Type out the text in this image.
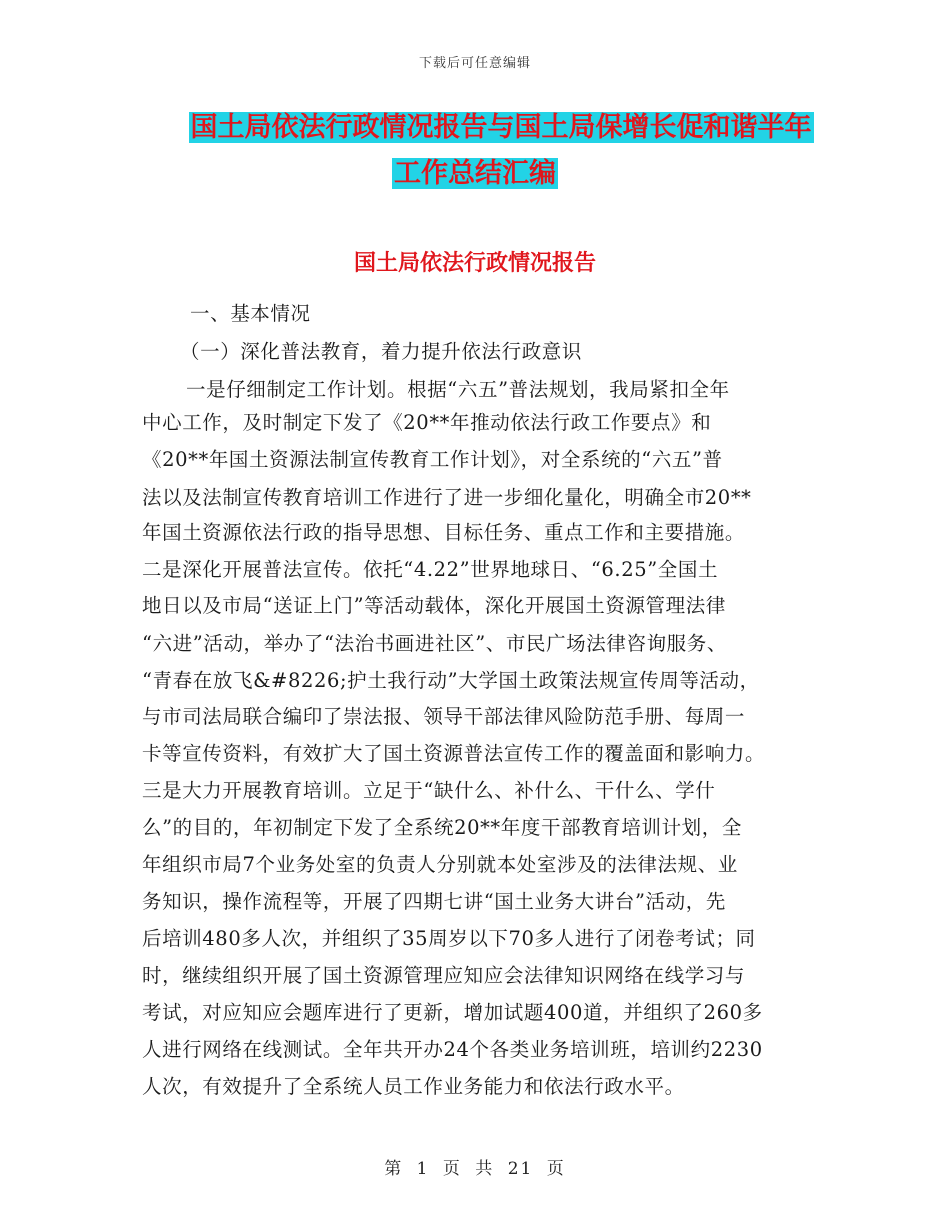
下载后可任意编辑
国土局依法行政情况报告与国土局保增长促和谐半年
工作总结汇编
国土局依法行政情况报告
一、基本情况
（一）深化普法教育，着力提升依法行政意识
一是仔细制定工作计划。根据“六五”普法规划，我局紧扣全年
中心工作，及时制定下发了《20**年推动依法行政工作要点》和
《20**年国土资源法制宣传教育工作计划》，对全系统的“六五”普
法以及法制宣传教育培训工作进行了进一步细化量化，明确全市20**
年国土资源依法行政的指导思想、目标任务、重点工作和主要措施。
二是深化开展普法宣传。依托“4.22”世界地球日、“6.25”全国土
地日以及市局“送证上门”等活动载体，深化开展国土资源管理法律
“六进”活动，举办了“法治书画进社区”、市民广场法律咨询服务、
“青春在放飞&#8226;护土我行动”大学国土政策法规宣传周等活动，
与市司法局联合编印了崇法报、领导干部法律风险防范手册、每周一
卡等宣传资料，有效扩大了国土资源普法宣传工作的覆盖面和影响力。
三是大力开展教育培训。立足于“缺什么、补什么、干什么、学什
么”的目的，年初制定下发了全系统20**年度干部教育培训计划，全
年组织市局7个业务处室的负责人分别就本处室涉及的法律法规、业
务知识，操作流程等，开展了四期七讲“国土业务大讲台”活动，先
后培训480多人次，并组织了35周岁以下70多人进行了闭卷考试；同
时，继续组织开展了国土资源管理应知应会法律知识网络在线学习与
考试，对应知应会题库进行了更新，增加试题400道，并组织了260多
人进行网络在线测试。全年共开办24个各类业务培训班，培训约2230
人次，有效提升了全系统人员工作业务能力和依法行政水平。
第 1 页 共 21 页
